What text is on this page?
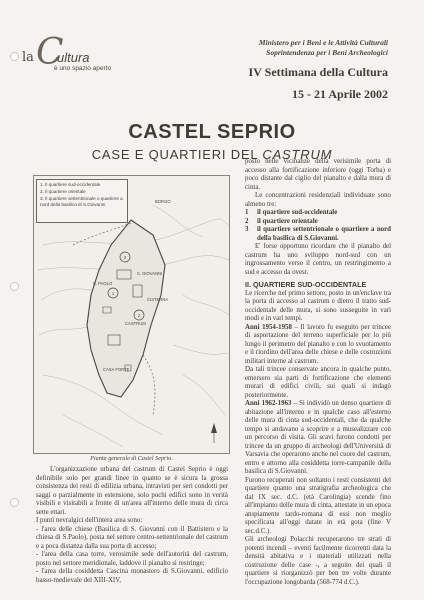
la C
ultura
è uno spazio aperto
Ministero per i Beni e le Attività Culturali
Soprintendenza per i Beni Archeologici
IV Settimana della Cultura
15 - 21 Aprile 2002
CASTEL SEPRIO
CASE E QUARTIERI DEL CASTRUM
1
2
3
BORGO
CASTRUM
S. PAOLO
S. GIOVANNI
CASA FORTE
CISTERNA

1. Il quartiere sud-occidentale

2. Il quartiere orientale

3. Il quartiere settentrionale o quartiere a nord della basilica di S.Giovanni

Pianta generale di Castel Seprio.

L'organizzazione urbana del castrum di Castel Seprio è oggi definibile solo per grandi linee in quanto se è sicura la grossa consistenza dei resti di edilizia urbana, intravisti per seri condotti per saggi o parzialmente in estensione, solo pochi edifici sono in verità visibili e visitabili a fronte di un'area all'interno delle mura di circa sette ettari.

I punti nevralgici dell'intera area sono:

- l'area delle chiese (Basilica di S. Giovanni con il Battistero e la chiesa di S.Paolo), posta nel settore centro-settentrionale del castrum e a poca distanza dalla sua porta di accesso;

- l'area della casa torre, verosimile sede dell'autorità del castrum, posto nel settore meridionale, laddove il pianalto si restringe;

- l'area della cosiddetta Cascina monastero di S.Giovanni, edificio basso-medievale del XIII-XIV,

posto nelle vicinanze della verisimile porta di accesso alla fortificazione inferiore (oggi Torba) e poco distante dal ciglio del pianalto e dalla mura di cinta.

Le concentrazioni residenziali individuate sono almeno tre:

1	il quartiere sud-occidentale
2	il quartiere orientale
3	il quartiere settentrionale o quartiere a nord della basilica di S.Giovanni.

E' forse opportuno ricordare che il pianalto del castrum ha uno sviluppo nord-sud con un ingrossamento verso il centro, un restringimento a sud e accesso da ovest.

II. QUARTIERE SUD-OCCIDENTALE

Le ricerche nel primo settore, posto in un'enclave tra la porta di accesso al castrum e dietro il tratto sud-occidentale delle mura, si sono susseguite in vari modi e in vari tempi.

Anni 1954-1958 – Il lavoro fu eseguito per trincee di asportazione del terreno superficiale per lo più lungo il perimetro del pianalto e con lo svuotamento e il riordino dell'area delle chiese e delle costruzioni militari interne al castrum.

Da tali trincee conservate ancora in qualche punto, emersero sia parti di fortificazione che elementi murari di edifici civili, sui quali si indagò posteriormente.

Anni 1962-1963 – Si individò un denso quartiere di abitazione all'interno e in qualche caso all'esterno delle mura di cinta sud-occidentali, che da qualche tempo si andavano a scoprire e a musealizzare con un percorso di visita. Gli scavi furono condotti per trincee da un gruppo di archeologi dell'Università di Varsavia che operarono anche nel cuore del castrum, entro e attorno alla cosiddetta torre-campanile della basilica di S.Giovanni.

Furono recuperati non soltanto i resti consistenti del quartiere quanto una stratigrafia archeologica che dal IX sec. d.C. (età Carolingia) scende fino all'impianto delle mura di cinta, attestate in un epoca anspiamente tardo-romana di essi non meglio specificata all'oggi datate in età gota (fine V sec.d.C.).

Gli archeologi Polacchi recuperarono tre strati di potenti incendi – eventi facilmente ricorrenti data la densità abitativa e i materiali utilizzati nella costruzione delle case -, a seguito dei quali il quartiere si riorganizzò per ben tre volte durante l'occupazione longobarda (568-774 d.C.).
